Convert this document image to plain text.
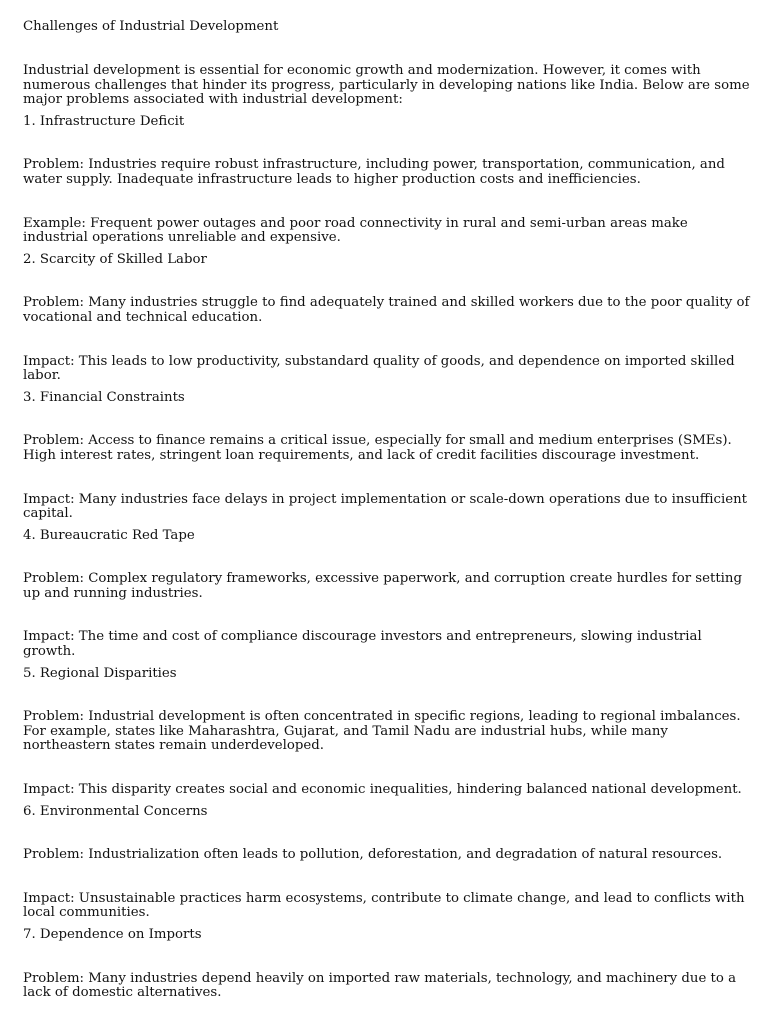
Challenges of Industrial Development

Industrial development is essential for economic growth and modernization. However, it comes with numerous challenges that hinder its progress, particularly in developing nations like India. Below are some major problems associated with industrial development:

1. Infrastructure Deficit

Problem: Industries require robust infrastructure, including power, transportation, communication, and water supply. Inadequate infrastructure leads to higher production costs and inefficiencies.

Example: Frequent power outages and poor road connectivity in rural and semi-urban areas make industrial operations unreliable and expensive.

2. Scarcity of Skilled Labor

Problem: Many industries struggle to find adequately trained and skilled workers due to the poor quality of vocational and technical education.

Impact: This leads to low productivity, substandard quality of goods, and dependence on imported skilled labor.

3. Financial Constraints

Problem: Access to finance remains a critical issue, especially for small and medium enterprises (SMEs). High interest rates, stringent loan requirements, and lack of credit facilities discourage investment.

Impact: Many industries face delays in project implementation or scale-down operations due to insufficient capital.

4. Bureaucratic Red Tape

Problem: Complex regulatory frameworks, excessive paperwork, and corruption create hurdles for setting up and running industries.

Impact: The time and cost of compliance discourage investors and entrepreneurs, slowing industrial growth.

5. Regional Disparities

Problem: Industrial development is often concentrated in specific regions, leading to regional imbalances. For example, states like Maharashtra, Gujarat, and Tamil Nadu are industrial hubs, while many northeastern states remain underdeveloped.

Impact: This disparity creates social and economic inequalities, hindering balanced national development.

6. Environmental Concerns

Problem: Industrialization often leads to pollution, deforestation, and degradation of natural resources.

Impact: Unsustainable practices harm ecosystems, contribute to climate change, and lead to conflicts with local communities.

7. Dependence on Imports

Problem: Many industries depend heavily on imported raw materials, technology, and machinery due to a lack of domestic alternatives.
